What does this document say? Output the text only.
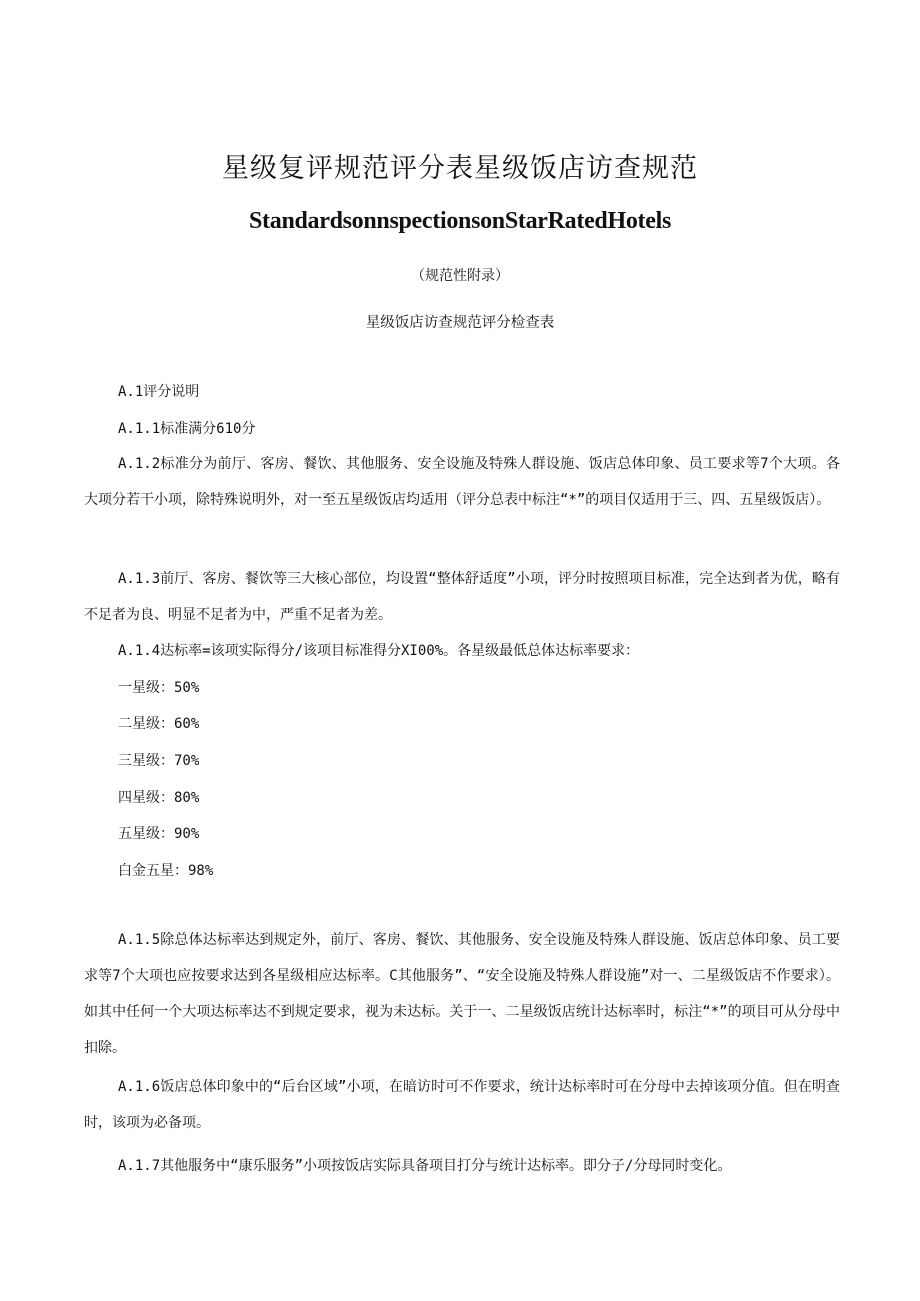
星级复评规范评分表星级饭店访查规范
StandardsonnspectionsonStarRatedHotels
（规范性附录）
星级饭店访查规范评分检查表
A.1评分说明
A.1.1标准满分610分

A.1.2标准分为前厅、客房、餐饮、其他服务、安全设施及特殊人群设施、饭店总体印象、员工要求等7个大项。各大项分若干小项，除特殊说明外，对一至五星级饭店均适用（评分总表中标注“*”的项目仅适用于三、四、五星级饭店）。

A.1.3前厅、客房、餐饮等三大核心部位，均设置“整体舒适度”小项，评分时按照项目标准，完全达到者为优，略有不足者为良、明显不足者为中，严重不足者为差。

A.1.4达标率=该项实际得分/该项目标准得分XI00%。各星级最低总体达标率要求：
一星级：50%
二星级：60%
三星级：70%
四星级：80%
五星级：90%
白金五星：98%

A.1.5除总体达标率达到规定外，前厅、客房、餐饮、其他服务、安全设施及特殊人群设施、饭店总体印象、员工要求等7个大项也应按要求达到各星级相应达标率。C其他服务”、“安全设施及特殊人群设施”对一、二星级饭店不作要求）。如其中任何一个大项达标率达不到规定要求，视为未达标。关于一、二星级饭店统计达标率时，标注“*”的项目可从分母中扣除。

A.1.6饭店总体印象中的“后台区域”小项，在暗访时可不作要求，统计达标率时可在分母中去掉该项分值。但在明查时，该项为必备项。

A.1.7其他服务中“康乐服务”小项按饭店实际具备项目打分与统计达标率。即分子/分母同时变化。
